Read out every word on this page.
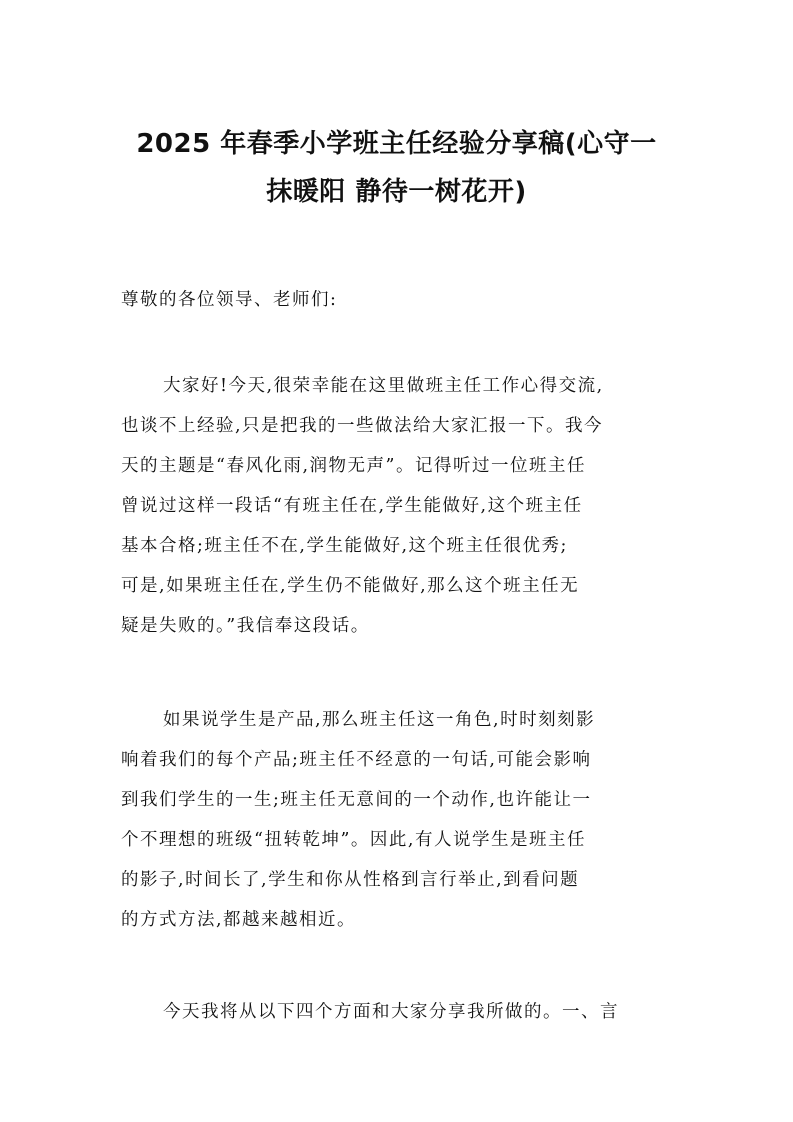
2025 年春季小学班主任经验分享稿(心守一
抹暖阳 静待一树花开)
尊敬的各位领导、老师们:
大家好!今天,很荣幸能在这里做班主任工作心得交流,
也谈不上经验,只是把我的一些做法给大家汇报一下。我今
天的主题是“春风化雨,润物无声”。记得听过一位班主任
曾说过这样一段话“有班主任在,学生能做好,这个班主任
基本合格;班主任不在,学生能做好,这个班主任很优秀;
可是,如果班主任在,学生仍不能做好,那么这个班主任无
疑是失败的。”我信奉这段话。
如果说学生是产品,那么班主任这一角色,时时刻刻影
响着我们的每个产品;班主任不经意的一句话,可能会影响
到我们学生的一生;班主任无意间的一个动作,也许能让一
个不理想的班级“扭转乾坤”。因此,有人说学生是班主任
的影子,时间长了,学生和你从性格到言行举止,到看问题
的方式方法,都越来越相近。
今天我将从以下四个方面和大家分享我所做的。一、言
